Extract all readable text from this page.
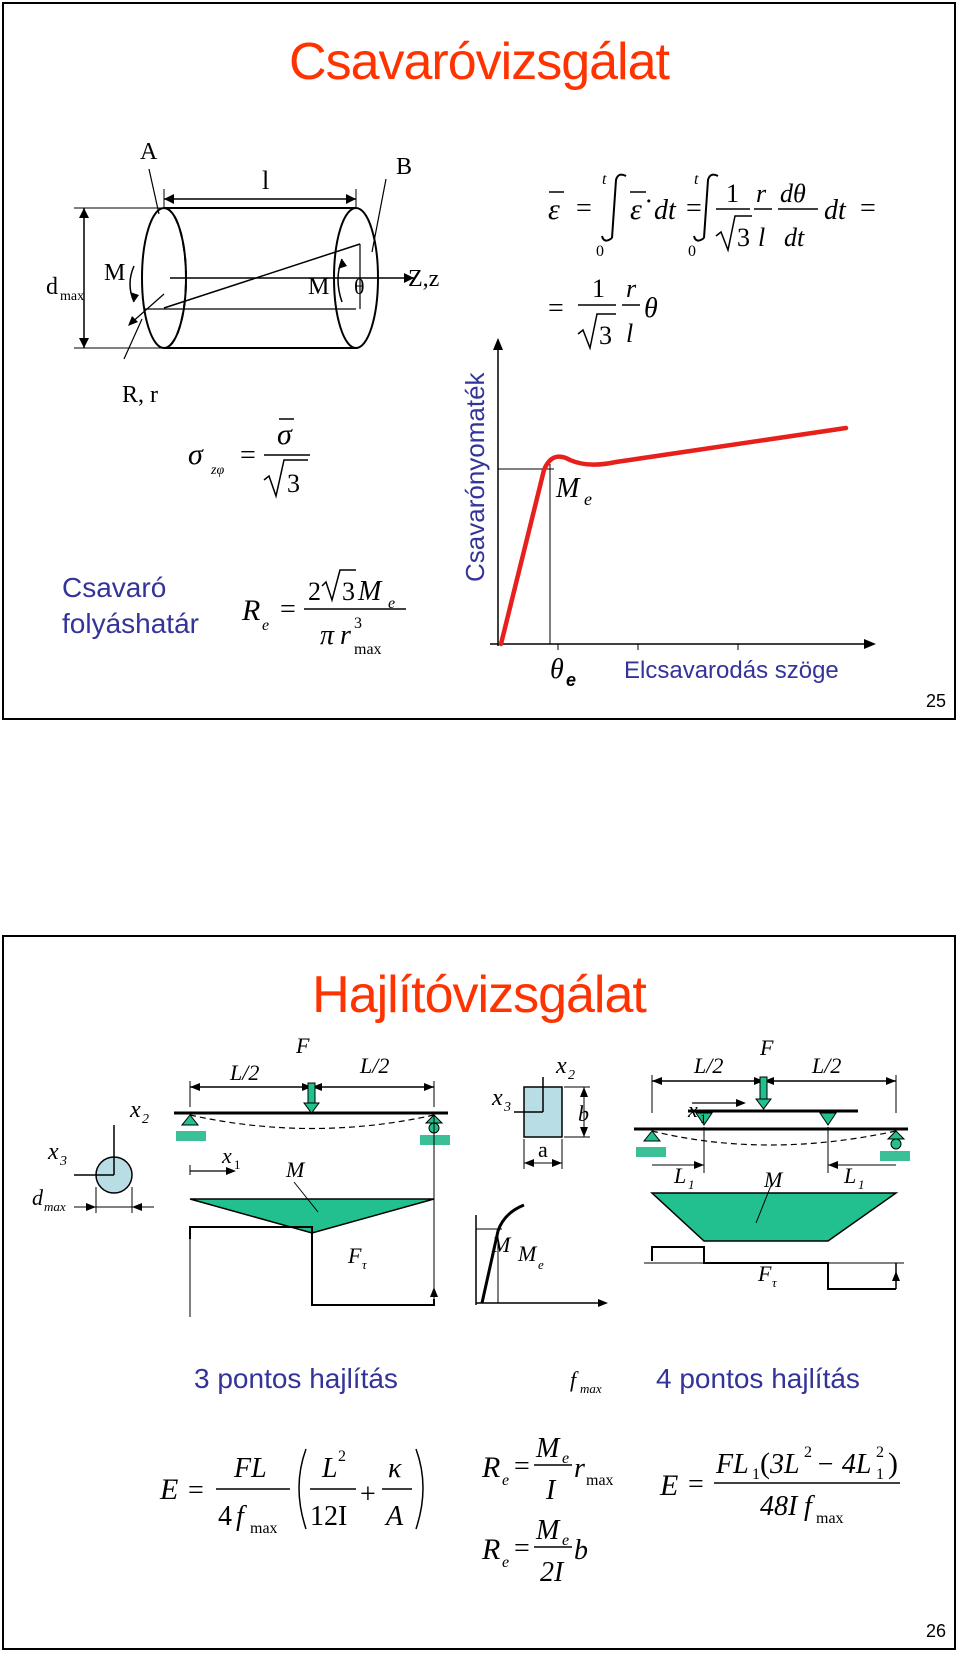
Csavaróvizsgálat
A
B
l
d max
M
M θ Z,z
R, r
ε =
t
0
ε̇ dt =
t
0
1
3
r
l
dθ
dt
dt =
=
1
3
r
l
θ
σ zφ =
σ
3
R e
=
2 3 M e
π r 3
max
M e
θ e Elcsavarodás szöge
Csavarónyomaték
Csavaró
folyáshatár
25
Hajlítóvizsgálat
x 2
x 3
d max
L/2
F
L/2
x 1 M
F τ
x 2
x 3	b
a
M M e
f max
L/2
F
L/2
x 1
L 1	M	L 1
F τ
E =
FL
4 f max
L 2
12I
+
κ
A
R e =
M e
I
r max
R e =
M e
2I
b
E =
FL 1 ( 3L 2 − 4L 2
1 )
48I f max
3 pontos hajlítás	4 pontos hajlítás
26
